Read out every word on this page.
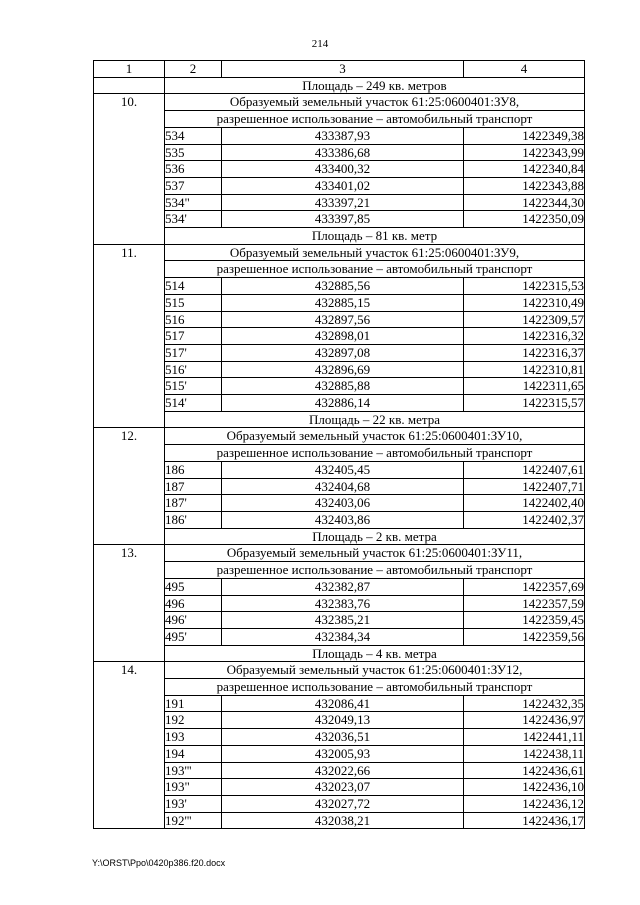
214
1	2	3	4
	Площадь – 249 кв. метров		
10.	Образуемый земельный участок 61:25:0600401:ЗУ8,		
	разрешенное использование – автомобильный транспорт		
	534	433387,93	1422349,38
	535	433386,68	1422343,99
	536	433400,32	1422340,84
	537	433401,02	1422343,88
	534"	433397,21	1422344,30
	534'	433397,85	1422350,09
	Площадь – 81 кв. метр		
11.	Образуемый земельный участок 61:25:0600401:ЗУ9,		
	разрешенное использование – автомобильный транспорт		
	514	432885,56	1422315,53
	515	432885,15	1422310,49
	516	432897,56	1422309,57
	517	432898,01	1422316,32
	517'	432897,08	1422316,37
	516'	432896,69	1422310,81
	515'	432885,88	1422311,65
	514'	432886,14	1422315,57
	Площадь – 22 кв. метра		
12.	Образуемый земельный участок 61:25:0600401:ЗУ10,		
	разрешенное использование – автомобильный транспорт		
	186	432405,45	1422407,61
	187	432404,68	1422407,71
	187'	432403,06	1422402,40
	186'	432403,86	1422402,37
	Площадь – 2 кв. метра		
13.	Образуемый земельный участок 61:25:0600401:ЗУ11,		
	разрешенное использование – автомобильный транспорт		
	495	432382,87	1422357,69
	496	432383,76	1422357,59
	496'	432385,21	1422359,45
	495'	432384,34	1422359,56
	Площадь – 4 кв. метра		
14.	Образуемый земельный участок 61:25:0600401:ЗУ12,		
	разрешенное использование – автомобильный транспорт		
	191	432086,41	1422432,35
	192	432049,13	1422436,97
	193	432036,51	1422441,11
	194	432005,93	1422438,11
	193'''	432022,66	1422436,61
	193"	432023,07	1422436,10
	193'	432027,72	1422436,12
	192'''	432038,21	1422436,17
Y:\ORST\Ppo\0420p386.f20.docx
